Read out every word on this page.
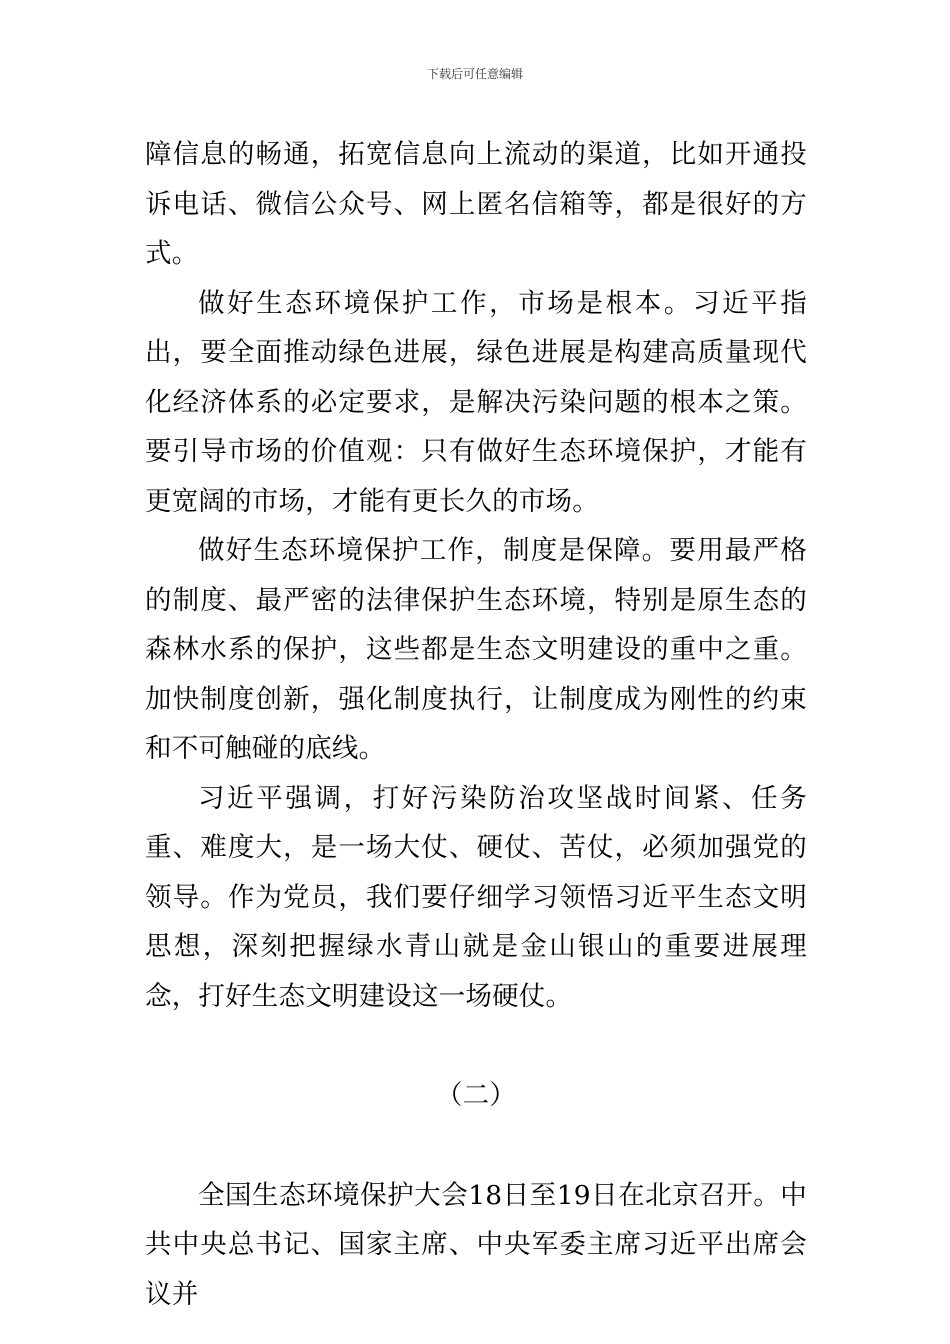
下载后可任意编辑

障信息的畅通，拓宽信息向上流动的渠道，比如开通投诉电话、微信公众号、网上匿名信箱等，都是很好的方式。

做好生态环境保护工作，市场是根本。习近平指出，要全面推动绿色进展，绿色进展是构建高质量现代化经济体系的必定要求，是解决污染问题的根本之策。要引导市场的价值观：只有做好生态环境保护，才能有更宽阔的市场，才能有更长久的市场。

做好生态环境保护工作，制度是保障。要用最严格的制度、最严密的法律保护生态环境，特别是原生态的森林水系的保护，这些都是生态文明建设的重中之重。加快制度创新，强化制度执行，让制度成为刚性的约束和不可触碰的底线。

习近平强调，打好污染防治攻坚战时间紧、任务重、难度大，是一场大仗、硬仗、苦仗，必须加强党的领导。作为党员，我们要仔细学习领悟习近平生态文明思想，深刻把握绿水青山就是金山银山的重要进展理念，打好生态文明建设这一场硬仗。

（二）

全国生态环境保护大会18日至19日在北京召开。中共中央总书记、国家主席、中央军委主席习近平出席会议并
